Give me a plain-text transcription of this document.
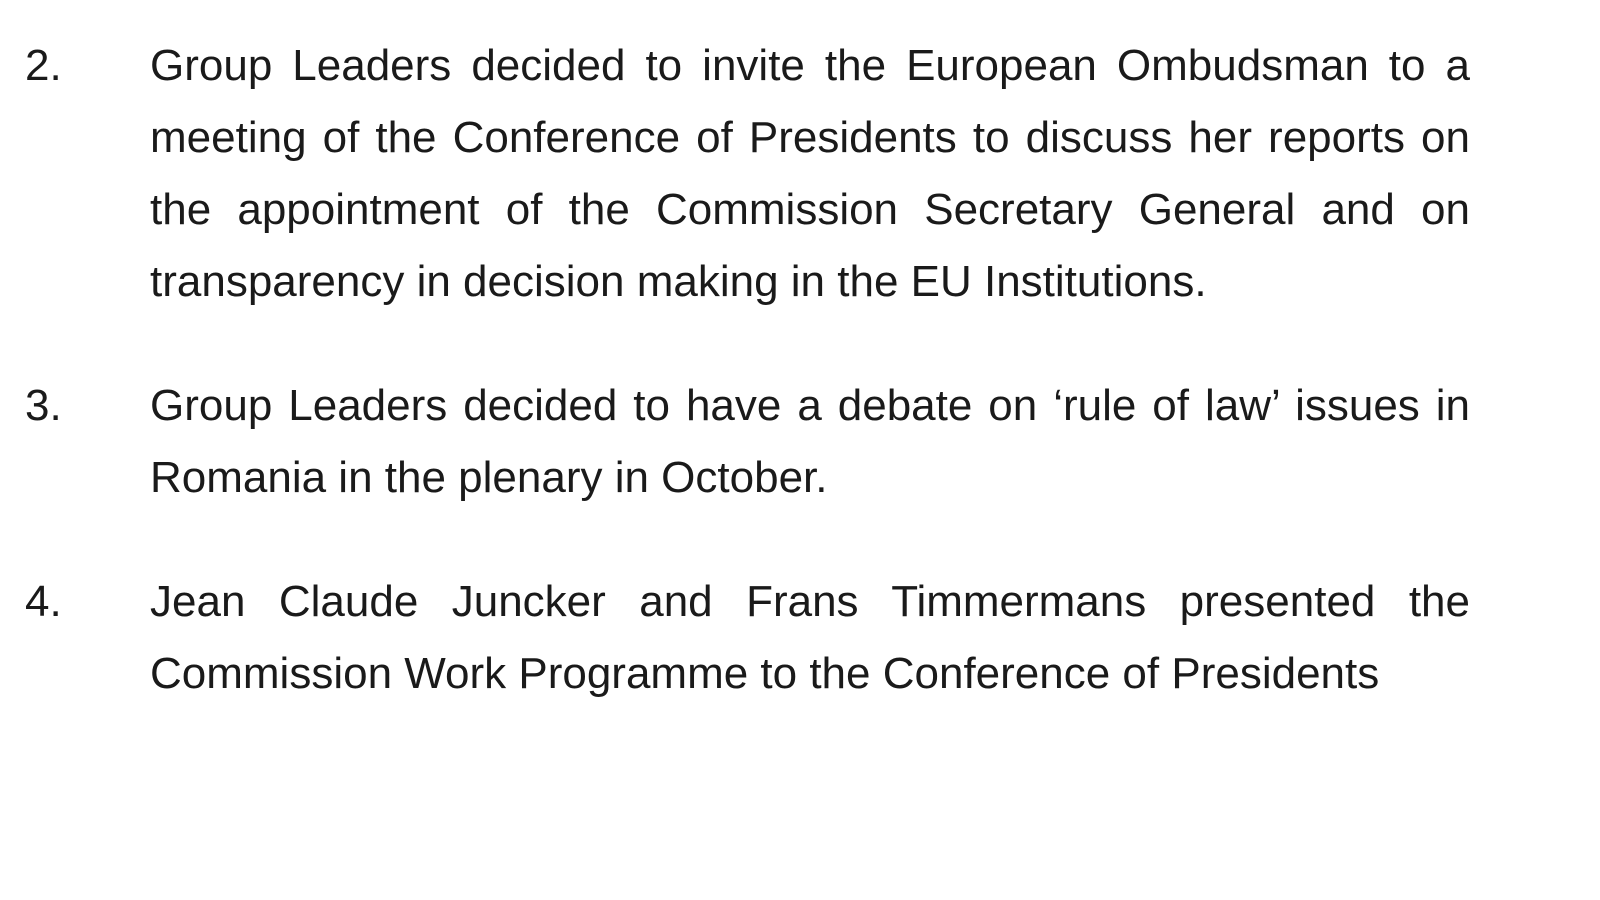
2.	Group Leaders decided to invite the European Ombudsman to a meeting of the Conference of Presidents to discuss her reports on the appointment of the Commission Secretary General and on transparency in decision making in the EU Institutions.
3.	Group Leaders decided to have a debate on ‘rule of law’ issues in Romania in the plenary in October.
4.	Jean Claude Juncker and Frans Timmermans presented the Commission Work Programme to the Conference of Presidents
